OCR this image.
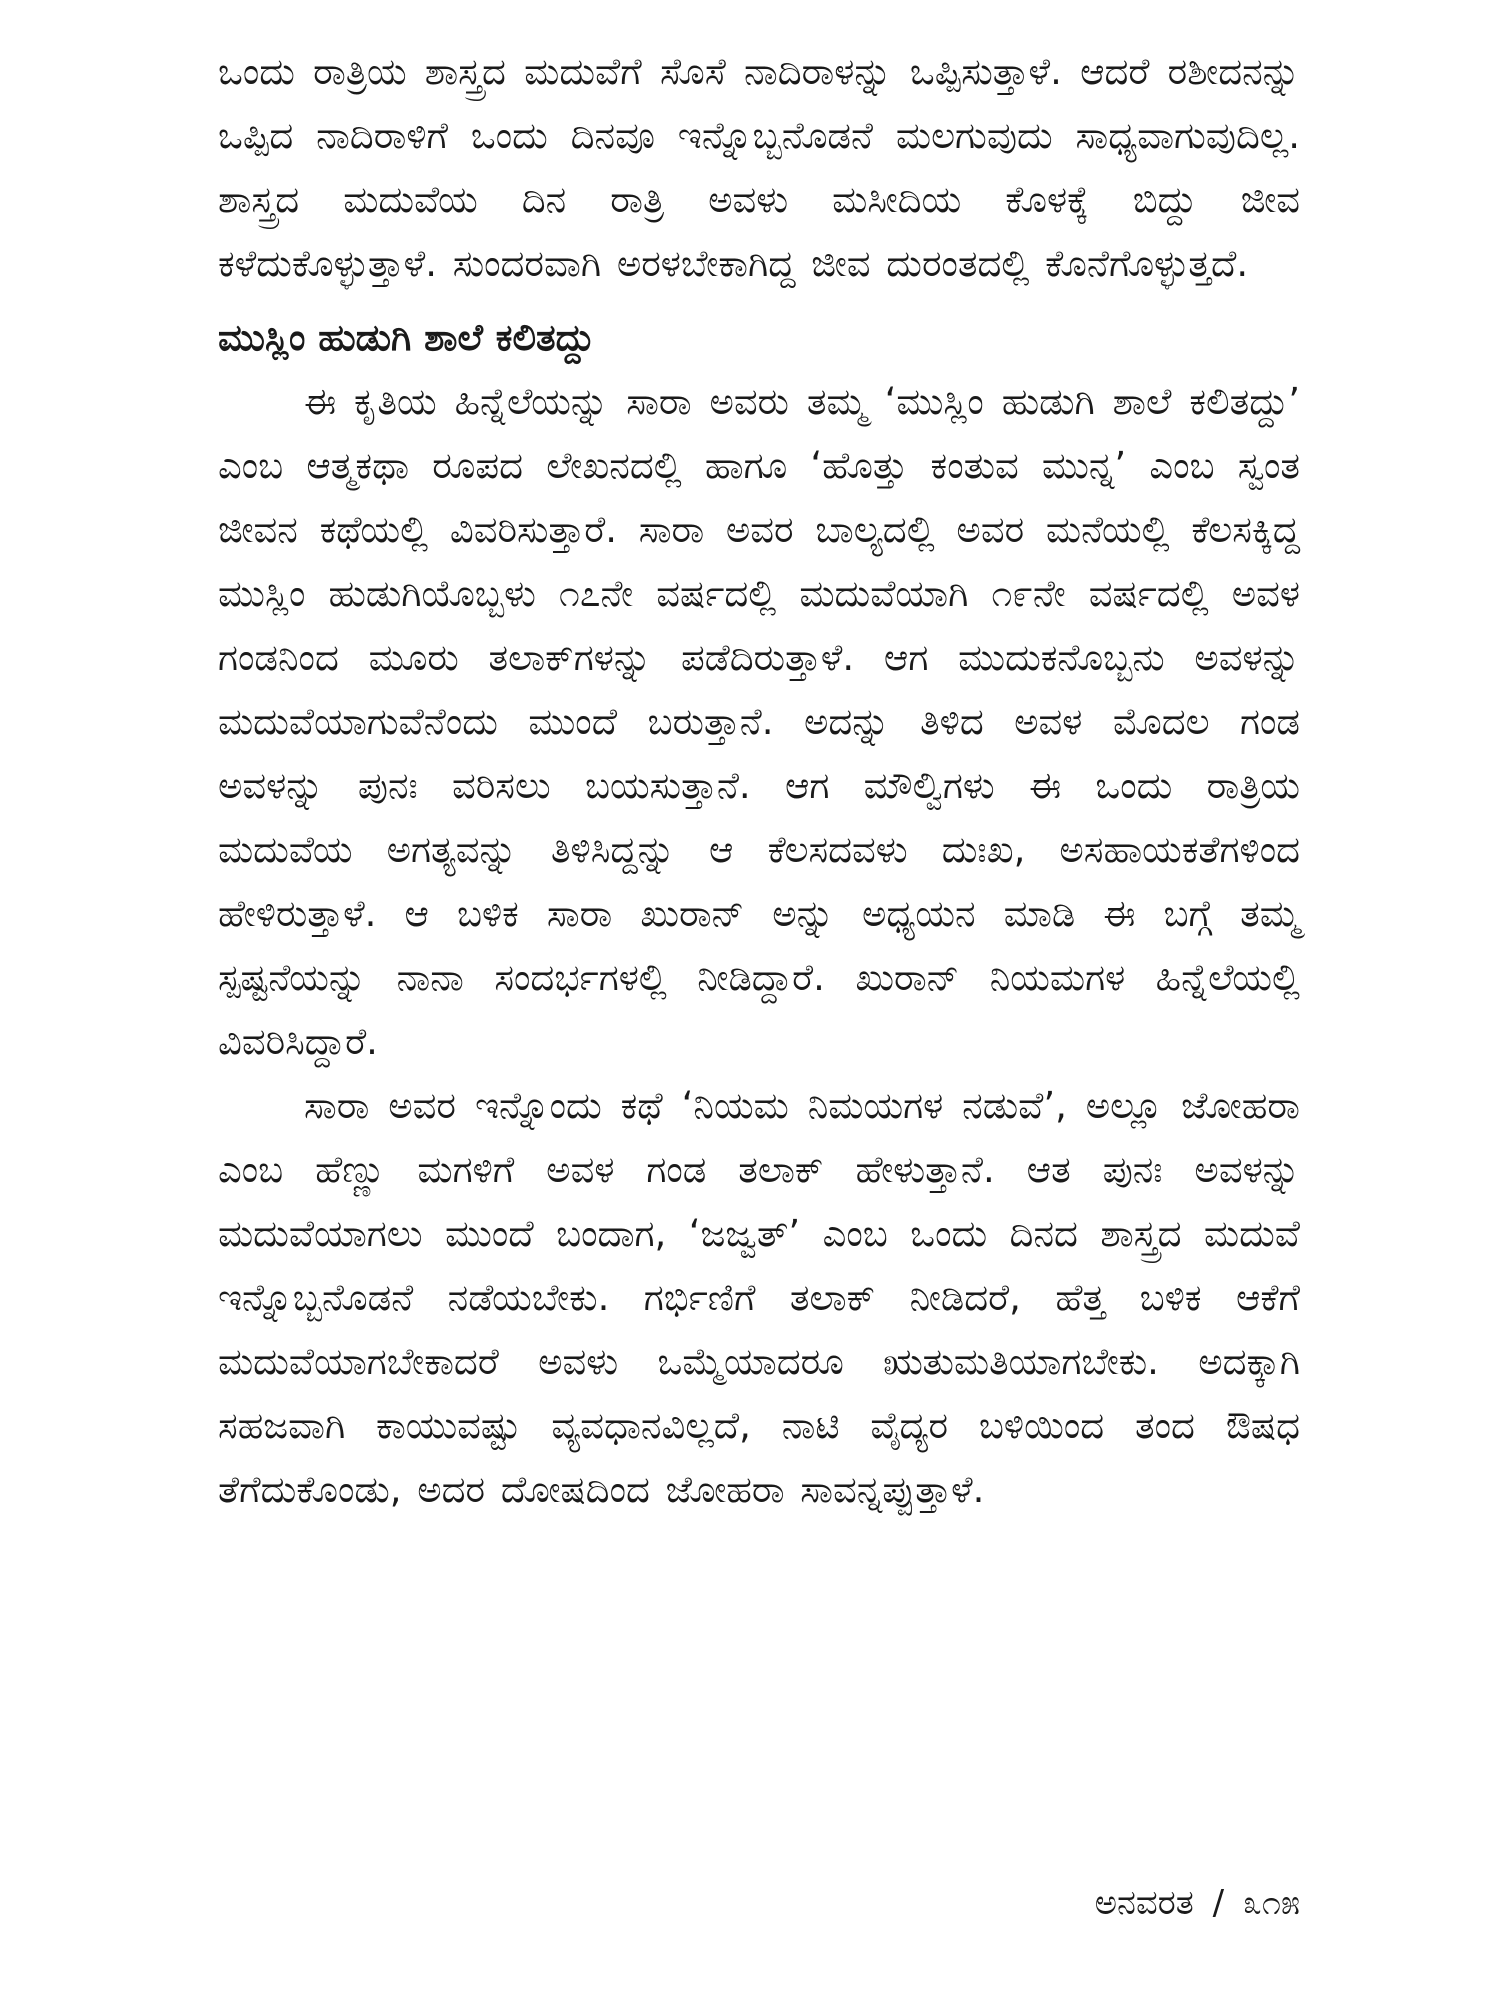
ಒಂದು ರಾತ್ರಿಯ ಶಾಸ್ತ್ರದ ಮದುವೆಗೆ ಸೊಸೆ ನಾದಿರಾಳನ್ನು ಒಪ್ಪಿಸುತ್ತಾಳೆ. ಆದರೆ ರಶೀದನನ್ನು ಒಪ್ಪಿದ ನಾದಿರಾಳಿಗೆ ಒಂದು ದಿನವೂ ಇನ್ನೊಬ್ಬನೊಡನೆ ಮಲಗುವುದು ಸಾಧ್ಯವಾಗುವುದಿಲ್ಲ. ಶಾಸ್ತ್ರದ ಮದುವೆಯ ದಿನ ರಾತ್ರಿ ಅವಳು ಮಸೀದಿಯ ಕೊಳಕ್ಕೆ ಬಿದ್ದು ಜೀವ ಕಳೆದುಕೊಳ್ಳುತ್ತಾಳೆ. ಸುಂದರವಾಗಿ ಅರಳಬೇಕಾಗಿದ್ದ ಜೀವ ದುರಂತದಲ್ಲಿ ಕೊನೆಗೊಳ್ಳುತ್ತದೆ.

ಮುಸ್ಲಿಂ ಹುಡುಗಿ ಶಾಲೆ ಕಲಿತದ್ದು

ಈ ಕೃತಿಯ ಹಿನ್ನೆಲೆಯನ್ನು ಸಾರಾ ಅವರು ತಮ್ಮ ‘ಮುಸ್ಲಿಂ ಹುಡುಗಿ ಶಾಲೆ ಕಲಿತದ್ದು’ ಎಂಬ ಆತ್ಮಕಥಾ ರೂಪದ ಲೇಖನದಲ್ಲಿ ಹಾಗೂ ‘ಹೊತ್ತು ಕಂತುವ ಮುನ್ನ’ ಎಂಬ ಸ್ವಂತ ಜೀವನ ಕಥೆಯಲ್ಲಿ ವಿವರಿಸುತ್ತಾರೆ. ಸಾರಾ ಅವರ ಬಾಲ್ಯದಲ್ಲಿ ಅವರ ಮನೆಯಲ್ಲಿ ಕೆಲಸಕ್ಕಿದ್ದ ಮುಸ್ಲಿಂ ಹುಡುಗಿಯೊಬ್ಬಳು ೧೭ನೇ ವರ್ಷದಲ್ಲಿ ಮದುವೆಯಾಗಿ ೧೯ನೇ ವರ್ಷದಲ್ಲಿ ಅವಳ ಗಂಡನಿಂದ ಮೂರು ತಲಾಕ್‌ಗಳನ್ನು ಪಡೆದಿರುತ್ತಾಳೆ. ಆಗ ಮುದುಕನೊಬ್ಬನು ಅವಳನ್ನು ಮದುವೆಯಾಗುವೆನೆಂದು ಮುಂದೆ ಬರುತ್ತಾನೆ. ಅದನ್ನು ತಿಳಿದ ಅವಳ ಮೊದಲ ಗಂಡ ಅವಳನ್ನು ಪುನಃ ವರಿಸಲು ಬಯಸುತ್ತಾನೆ. ಆಗ ಮೌಲ್ವಿಗಳು ಈ ಒಂದು ರಾತ್ರಿಯ ಮದುವೆಯ ಅಗತ್ಯವನ್ನು ತಿಳಿಸಿದ್ದನ್ನು ಆ ಕೆಲಸದವಳು ದುಃಖ, ಅಸಹಾಯಕತೆಗಳಿಂದ ಹೇಳಿರುತ್ತಾಳೆ. ಆ ಬಳಿಕ ಸಾರಾ ಖುರಾನ್ ಅನ್ನು ಅಧ್ಯಯನ ಮಾಡಿ ಈ ಬಗ್ಗೆ ತಮ್ಮ ಸ್ಪಷ್ಟನೆಯನ್ನು ನಾನಾ ಸಂದರ್ಭಗಳಲ್ಲಿ ನೀಡಿದ್ದಾರೆ. ಖುರಾನ್ ನಿಯಮಗಳ ಹಿನ್ನೆಲೆಯಲ್ಲಿ ವಿವರಿಸಿದ್ದಾರೆ.

ಸಾರಾ ಅವರ ಇನ್ನೊಂದು ಕಥೆ ‘ನಿಯಮ ನಿಮಯಗಳ ನಡುವೆ’, ಅಲ್ಲೂ ಜೋಹರಾ ಎಂಬ ಹೆಣ್ಣು ಮಗಳಿಗೆ ಅವಳ ಗಂಡ ತಲಾಕ್ ಹೇಳುತ್ತಾನೆ. ಆತ ಪುನಃ ಅವಳನ್ನು ಮದುವೆಯಾಗಲು ಮುಂದೆ ಬಂದಾಗ, ‘ಜಜ್ವತ್’ ಎಂಬ ಒಂದು ದಿನದ ಶಾಸ್ತ್ರದ ಮದುವೆ ಇನ್ನೊಬ್ಬನೊಡನೆ ನಡೆಯಬೇಕು. ಗರ್ಭಿಣಿಗೆ ತಲಾಕ್ ನೀಡಿದರೆ, ಹೆತ್ತ ಬಳಿಕ ಆಕೆಗೆ ಮದುವೆಯಾಗಬೇಕಾದರೆ ಅವಳು ಒಮ್ಮೆಯಾದರೂ ಋತುಮತಿಯಾಗಬೇಕು. ಅದಕ್ಕಾಗಿ ಸಹಜವಾಗಿ ಕಾಯುವಷ್ಟು ವ್ಯವಧಾನವಿಲ್ಲದೆ, ನಾಟಿ ವೈದ್ಯರ ಬಳಿಯಿಂದ ತಂದ ಔಷಧ ತೆಗೆದುಕೊಂಡು, ಅದರ ದೋಷದಿಂದ ಜೋಹರಾ ಸಾವನ್ನಪ್ಪುತ್ತಾಳೆ.

ಅನವರತ / ೩೧೫
